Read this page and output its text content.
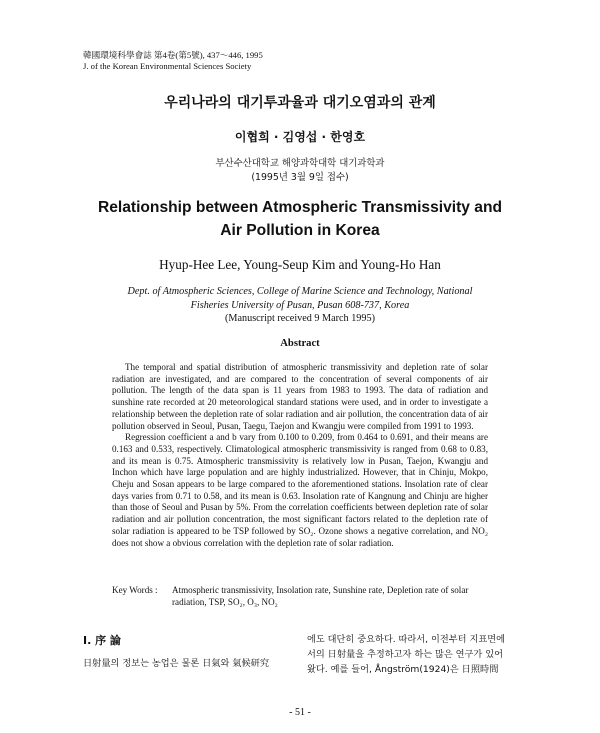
韓國環境科學會誌 第4卷(第5號), 437～446, 1995
J. of the Korean Environmental Sciences Society
우리나라의 대기투과율과 대기오염과의 관계
이협희 · 김영섭 · 한영호
부산수산대학교 해양과학대학 대기과학과
(1995년 3월 9일 접수)
Relationship between Atmospheric Transmissivity and
Air Pollution in Korea
Hyup-Hee Lee, Young-Seup Kim and Young-Ho Han
Dept. of Atmospheric Sciences, College of Marine Science and Technology, National
Fisheries University of Pusan, Pusan 608-737, Korea
(Manuscript received 9 March 1995)
Abstract

The temporal and spatial distribution of atmospheric transmissivity and depletion rate of solar radiation are investigated, and are compared to the concentration of several components of air pollution. The length of the data span is 11 years from 1983 to 1993. The data of radiation and sunshine rate recorded at 20 meteorological standard stations were used, and in order to investigate a relationship between the depletion rate of solar radiation and air pollution, the concentration data of air pollution observed in Seoul, Pusan, Taegu, Taejon and Kwangju were compiled from 1991 to 1993.

Regression coefficient a and b vary from 0.100 to 0.209, from 0.464 to 0.691, and their means are 0.163 and 0.533, respectively. Climatological atmospheric transmissivity is ranged from 0.68 to 0.83, and its mean is 0.75. Atmospheric transmissivity is relatively low in Pusan, Taejon, Kwangju and Inchon which have large population and are highly industrialized. However, that in Chinju, Mokpo, Cheju and Sosan appears to be large compared to the aforementioned stations. Insolation rate of clear days varies from 0.71 to 0.58, and its mean is 0.63. Insolation rate of Kangnung and Chinju are higher than those of Seoul and Pusan by 5%. From the correlation coefficients between depletion rate of solar radiation and air pollution concentration, the most significant factors related to the depletion rate of solar radiation is appeared to be TSP followed by SO₂. Ozone shows a negative correlation, and NO₂ does not show a obvious correlation with the depletion rate of solar radiation.

Key Words : Atmospheric transmissivity, Insolation rate, Sunshine rate, Depletion rate of solar radiation, TSP, SO₂, O₃, NO₂
Ⅰ. 序 論
日射量의 정보는 농업은 물론 日氣와 氣候研究
에도 대단히 중요하다. 따라서, 이전부터 지표면에
서의 日射量을 추정하고자 하는 많은 연구가 있어
왔다. 예를 들어, Ångström(1924)은 日照時間
- 51 -
